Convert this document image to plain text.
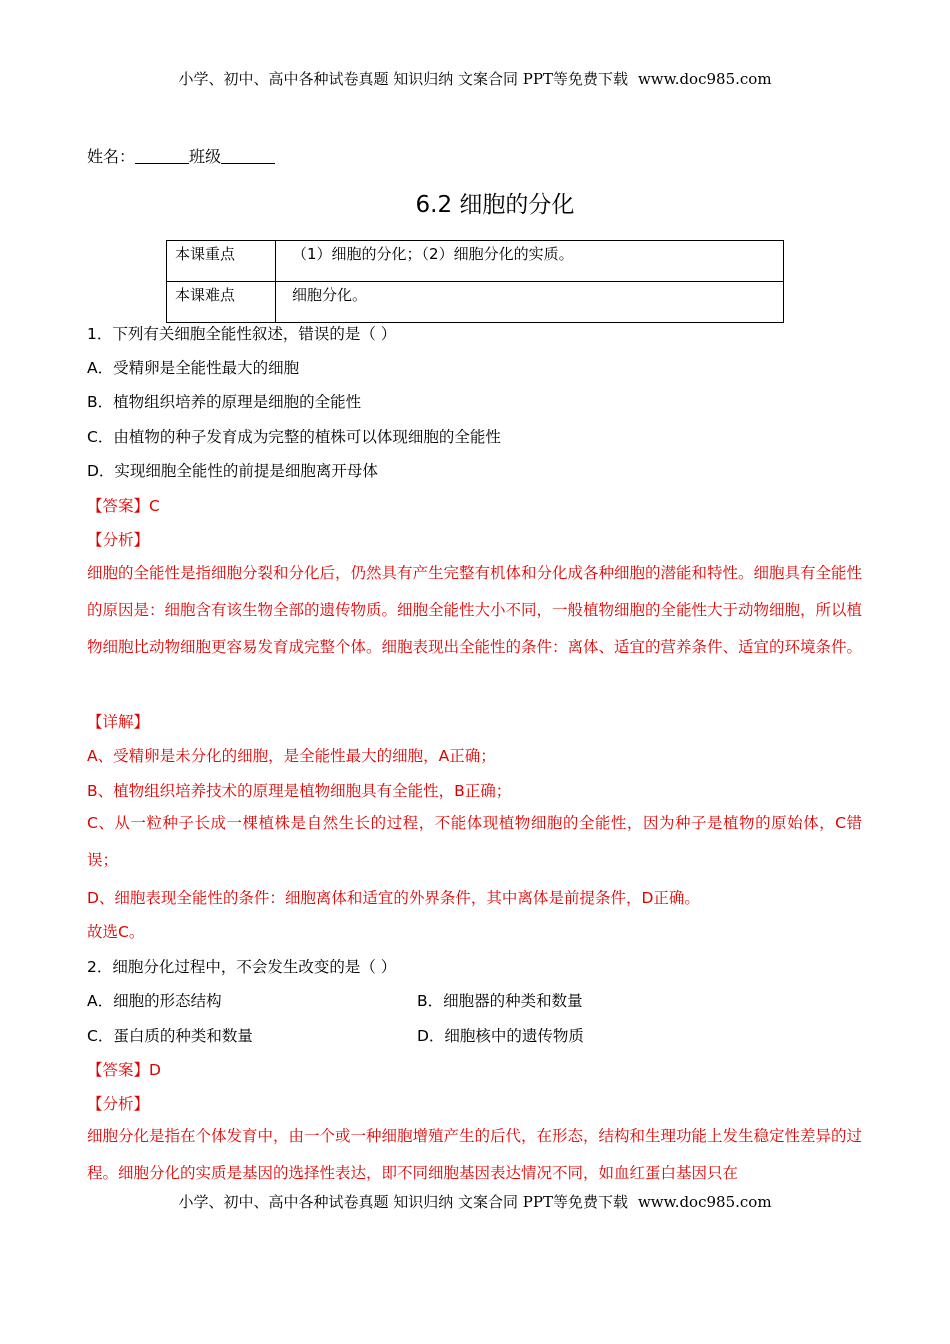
小学、初中、高中各种试卷真题 知识归纳 文案合同 PPT等免费下载 www.doc985.com
姓名：	班级
6.2 细胞的分化
本课重点	（1）细胞的分化；（2）细胞分化的实质。
本课难点	细胞分化。
1．下列有关细胞全能性叙述，错误的是（ ）
A．受精卵是全能性最大的细胞
B．植物组织培养的原理是细胞的全能性
C．由植物的种子发育成为完整的植株可以体现细胞的全能性
D．实现细胞全能性的前提是细胞离开母体
【答案】C
【分析】
细胞的全能性是指细胞分裂和分化后，仍然具有产生完整有机体和分化成各种细胞的潜能和特性。细胞具有全能性的原因是：细胞含有该生物全部的遗传物质。细胞全能性大小不同，一般植物细胞的全能性大于动物细胞，所以植物细胞比动物细胞更容易发育成完整个体。细胞表现出全能性的条件：离体、适宜的营养条件、适宜的环境条件。
【详解】
A、受精卵是未分化的细胞，是全能性最大的细胞，A正确；
B、植物组织培养技术的原理是植物细胞具有全能性，B正确；
C、从一粒种子长成一棵植株是自然生长的过程，不能体现植物细胞的全能性，因为种子是植物的原始体，C错误；
D、细胞表现全能性的条件：细胞离体和适宜的外界条件，其中离体是前提条件，D正确。
故选C。
2．细胞分化过程中，不会发生改变的是（ ）
A．细胞的形态结构	B．细胞器的种类和数量
C．蛋白质的种类和数量	D．细胞核中的遗传物质
【答案】D
【分析】
细胞分化是指在个体发育中，由一个或一种细胞增殖产生的后代，在形态，结构和生理功能上发生稳定性差异的过程。细胞分化的实质是基因的选择性表达，即不同细胞基因表达情况不同，如血红蛋白基因只在
小学、初中、高中各种试卷真题 知识归纳 文案合同 PPT等免费下载 www.doc985.com
